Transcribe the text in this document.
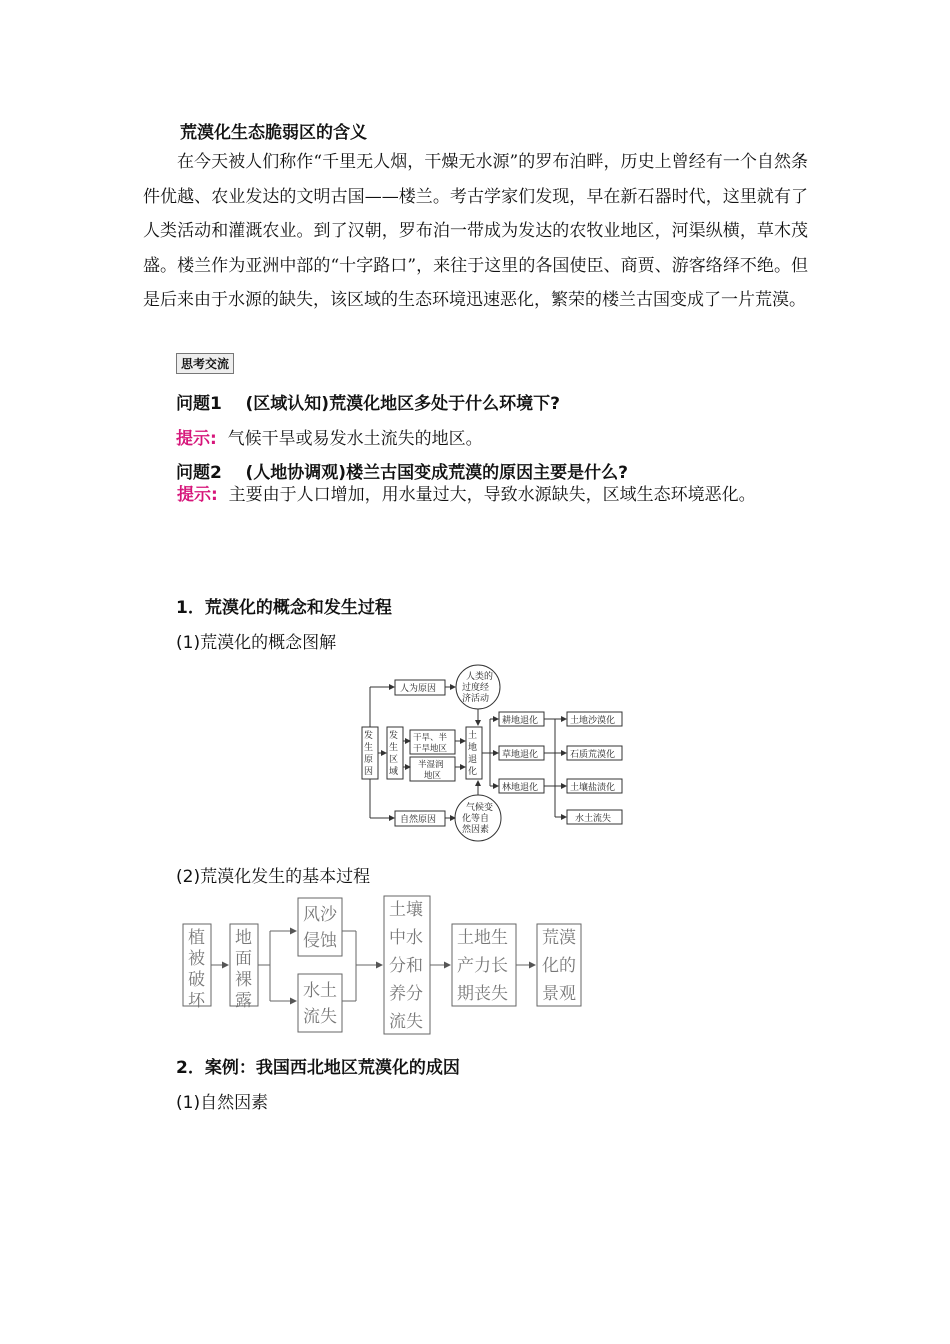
荒漠化生态脆弱区的含义

在今天被人们称作“千里无人烟，干燥无水源”的罗布泊畔，历史上曾经有一个自然条件优越、农业发达的文明古国——楼兰。考古学家们发现，早在新石器时代，这里就有了人类活动和灌溉农业。到了汉朝，罗布泊一带成为发达的农牧业地区，河渠纵横，草木茂盛。楼兰作为亚洲中部的“十字路口”，来往于这里的各国使臣、商贾、游客络绎不绝。但是后来由于水源的缺失，该区域的生态环境迅速恶化，繁荣的楼兰古国变成了一片荒漠。

思考交流
问题1 (区域认知)荒漠化地区多处于什么环境下?
提示: 气候干旱或易发水土流失的地区。
问题2 (人地协调观)楼兰古国变成荒漠的原因主要是什么?

提示: 主要由于人口增加，用水量过大，导致水源缺失，区域生态环境恶化。

1．荒漠化的概念和发生过程
(1)荒漠化的概念图解
发
生
原
因
发
生
区
域
土
地
退
化
人为原因
自然原因
人类的
过度经
济活动
气候变
化等自
然因素
干旱、半
干旱地区
半湿润
地区
耕地退化
草地退化
林地退化
土地沙漠化
石质荒漠化
土壤盐渍化
水土流失
(2)荒漠化发生的基本过程
植
被
破
坏
地
面
裸
露
风沙
侵蚀
水土
流失
土壤
中水
分和
养分
流失
土地生
产力长
期丧失
荒漠
化的
景观
2．案例：我国西北地区荒漠化的成因
(1)自然因素
